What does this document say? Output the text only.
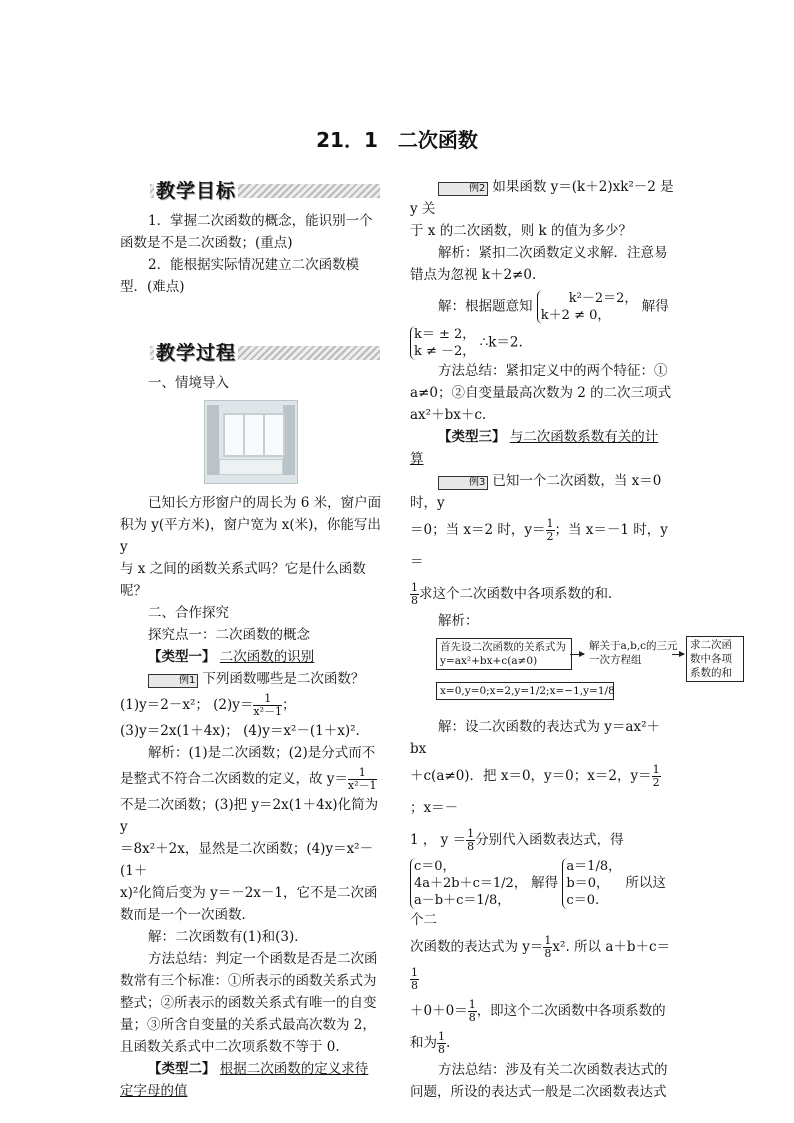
21．1　二次函数
教学目标

1．掌握二次函数的概念，能识别一个

函数是不是二次函数；(重点)

2．能根据实际情况建立二次函数模

型．(难点)

教学过程

一、情境导入

已知长方形窗户的周长为 6 米，窗户面

积为 y(平方米)，窗户宽为 x(米)，你能写出 y

与 x 之间的函数关系式吗？它是什么函数

呢？

二、合作探究

探究点一：二次函数的概念

【类型一】 二次函数的识别

例1 下列函数哪些是二次函数？

(1)y＝2－x²； $(2)y= \frac{1}{\text{x²－1}}$ ；

(3)y＝2x(1＋4x)； (4)y＝x²－(1＋x)².

解析：(1)是二次函数；(2)是分式而不

是整式不符合二次函数的定义，故 $y= \frac{1}{\text{x²－1}}$

不是二次函数；(3)把 y＝2x(1＋4x)化简为 y

＝8x²＋2x，显然是二次函数；(4)y＝x²－(1＋

x)²化简后变为 y＝－2x－1，它不是二次函

数而是一个一次函数．

解：二次函数有(1)和(3)．

方法总结：判定一个函数是否是二次函

数常有三个标准：①所表示的函数关系式为

整式；②所表示的函数关系式有唯一的自变

量；③所含自变量的关系式最高次数为 2，

且函数关系式中二次项系数不等于 0.

【类型二】 根据二次函数的定义求待

定字母的值

例2 如果函数 y＝(k＋2)xk²－2 是 y 关

于 x 的二次函数，则 k 的值为多少？

解析：紧扣二次函数定义求解．注意易

错点为忽视 k＋2≠0.

解：根据题意知	k²－2＝2，
k＋2 ≠ 0， 解得

k＝ ± 2，
k ≠ －2， ∴k＝2.

方法总结：紧扣定义中的两个特征：①

a≠0；②自变量最高次数为 2 的二次三项式

ax²＋bx＋c.

【类型三】 与二次函数系数有关的计

算

例3 已知一个二次函数，当 x＝0 时，y

＝0；当 x＝2 时，$y= \frac{1}{2}$ ；当 x＝－1 时，y＝

$\frac{1}{8}$ 求这个二次函数中各项系数的和．

解析：

首先设二次函数的关系式为y=ax²+bx+c(a≠0)
解关于a,b,c的三元一次方程组
求二次函数中各项系数的和
x=0,y=0;x=2,y=1/2;x=−1,y=1/8

解：设二次函数的表达式为 y＝ax²＋bx

＋c(a≠0)．把 x＝0，y＝0；x＝2，$y= \frac{1}{2}$
；x＝－

1 ， $y = \frac{1}{8}$ 分别代入函数表达式，得

c＝0，
4a＋2b＋c＝1/2，
a－b＋c＝1/8， 解得 a＝1/8，
b＝0，
c＝0. 所以这个二

次函数的表达式为 $y= \frac{1}{8} x^2$. 所以 a＋b＋c＝
$\frac{1}{8}$

$+0+0= \frac{1}{8}$ ，即这个二次函数中各项系数的

和为 $\frac{1}{8}$ .

方法总结：涉及有关二次函数表达式的

问题，所设的表达式一般是二次函数表达式
